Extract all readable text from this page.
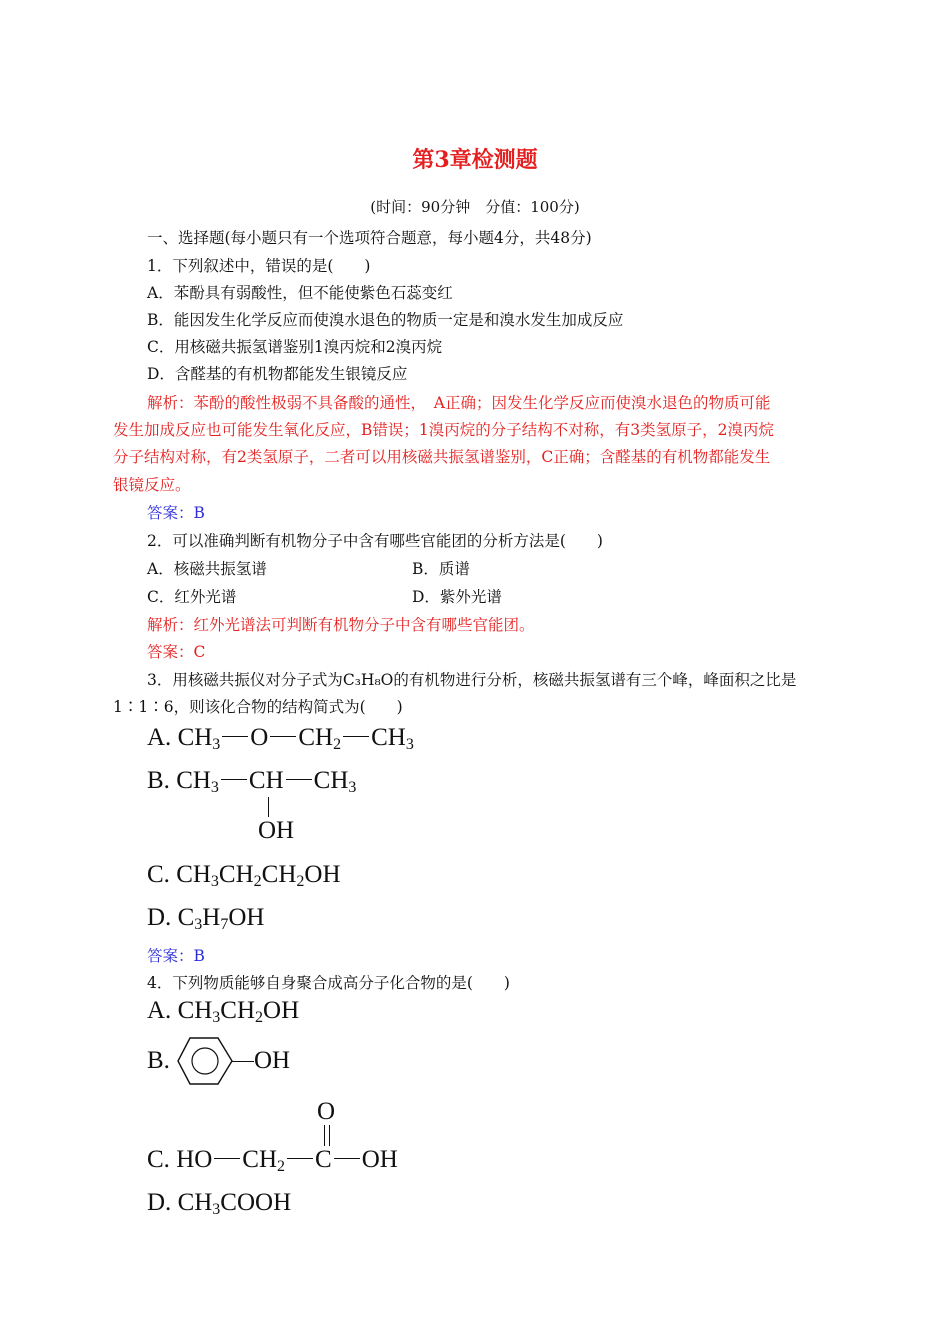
第3章检测题
(时间：90分钟　分值：100分)
一、选择题(每小题只有一个选项符合题意，每小题4分，共48分)
1．下列叙述中，错误的是(　　)
A．苯酚具有弱酸性，但不能使紫色石蕊变红
B．能因发生化学反应而使溴水退色的物质一定是和溴水发生加成反应
C．用核磁共振氢谱鉴别1溴丙烷和2溴丙烷
D．含醛基的有机物都能发生银镜反应
解析：苯酚的酸性极弱不具备酸的通性，　A正确；因发生化学反应而使溴水退色的物质可能
发生加成反应也可能发生氧化反应，B错误；1溴丙烷的分子结构不对称，有3类氢原子，2溴丙烷
分子结构对称，有2类氢原子，二者可以用核磁共振氢谱鉴别，C正确；含醛基的有机物都能发生
银镜反应。
答案：B
2．可以准确判断有机物分子中含有哪些官能团的分析方法是(　　)
A．核磁共振氢谱	B．质谱
C．红外光谱	D．紫外光谱
解析：红外光谱法可判断有机物分子中含有哪些官能团。
答案：C
3．用核磁共振仪对分子式为C₃H₈O的有机物进行分析，核磁共振氢谱有三个峰，峰面积之比是
1∶1∶6，则该化合物的结构简式为(　　)
A. $CH_3$ O $CH_2$ $CH_3$
B. $CH_3$ CH $CH_3$
OH
C. $CH_3CH_2CH_2OH$
D. $C_3H_7OH$
答案：B
4．下列物质能够自身聚合成高分子化合物的是(　　)
A. $CH_3CH_2OH$
B.	OH
O
C. HO $CH_2$ C OH
D. $CH_3COOH$
